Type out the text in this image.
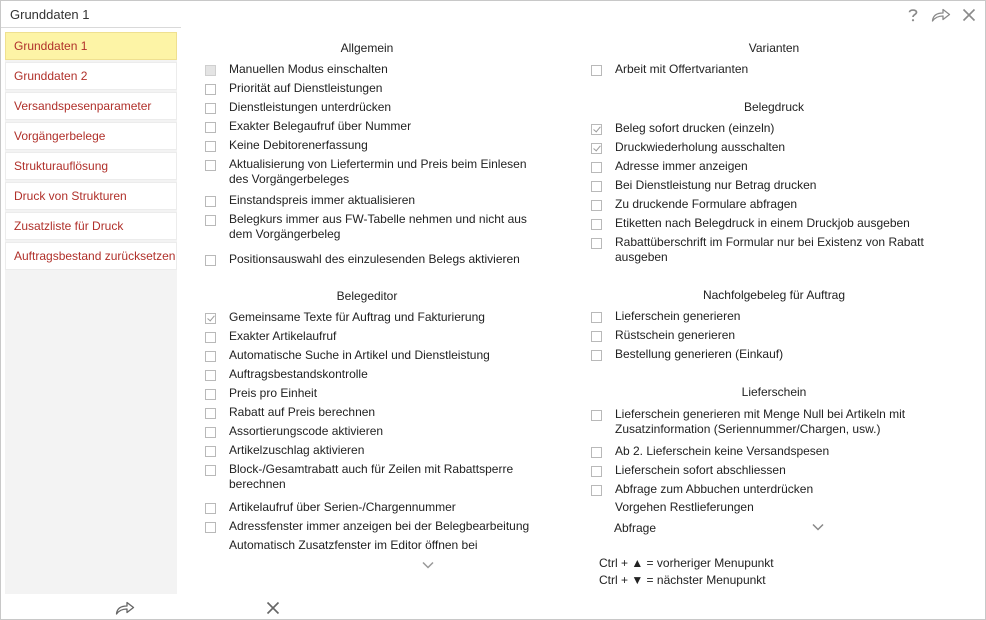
Grunddaten 1
Grunddaten 1
Grunddaten 2
Versandspesenparameter
Vorgängerbelege
Strukturauflösung
Druck von Strukturen
Zusatzliste für Druck
Auftragsbestand zurücksetzen
Automatisch Zusatzfenster im Editor öffnen bei
Vorgehen Restlieferungen
Abfrage
Ctrl + ▲ = vorheriger Menupunkt
Ctrl + ▼ = nächster Menupunkt
Allgemein
Manuellen Modus einschalten
Priorität auf Dienstleistungen
Dienstleistungen unterdrücken
Exakter Belegaufruf über Nummer
Keine Debitorenerfassung
Aktualisierung von Liefertermin und Preis beim Einlesen
des Vorgängerbeleges
Einstandspreis immer aktualisieren
Belegkurs immer aus FW-Tabelle nehmen und nicht aus
dem Vorgängerbeleg
Positionsauswahl des einzulesenden Belegs aktivieren
Belegeditor
Gemeinsame Texte für Auftrag und Fakturierung
Exakter Artikelaufruf
Automatische Suche in Artikel und Dienstleistung
Auftragsbestandskontrolle
Preis pro Einheit
Rabatt auf Preis berechnen
Assortierungscode aktivieren
Artikelzuschlag aktivieren
Block-/Gesamtrabatt auch für Zeilen mit Rabattsperre
berechnen
Artikelaufruf über Serien-/Chargennummer
Adressfenster immer anzeigen bei der Belegbearbeitung
Varianten
Arbeit mit Offertvarianten
Belegdruck
Beleg sofort drucken (einzeln)
Druckwiederholung ausschalten
Adresse immer anzeigen
Bei Dienstleistung nur Betrag drucken
Zu druckende Formulare abfragen
Etiketten nach Belegdruck in einem Druckjob ausgeben
Rabattüberschrift im Formular nur bei Existenz von Rabatt
ausgeben
Nachfolgebeleg für Auftrag
Lieferschein generieren
Rüstschein generieren
Bestellung generieren (Einkauf)
Lieferschein
Lieferschein generieren mit Menge Null bei Artikeln mit
Zusatzinformation (Seriennummer/Chargen, usw.)
Ab 2. Lieferschein keine Versandspesen
Lieferschein sofort abschliessen
Abfrage zum Abbuchen unterdrücken
